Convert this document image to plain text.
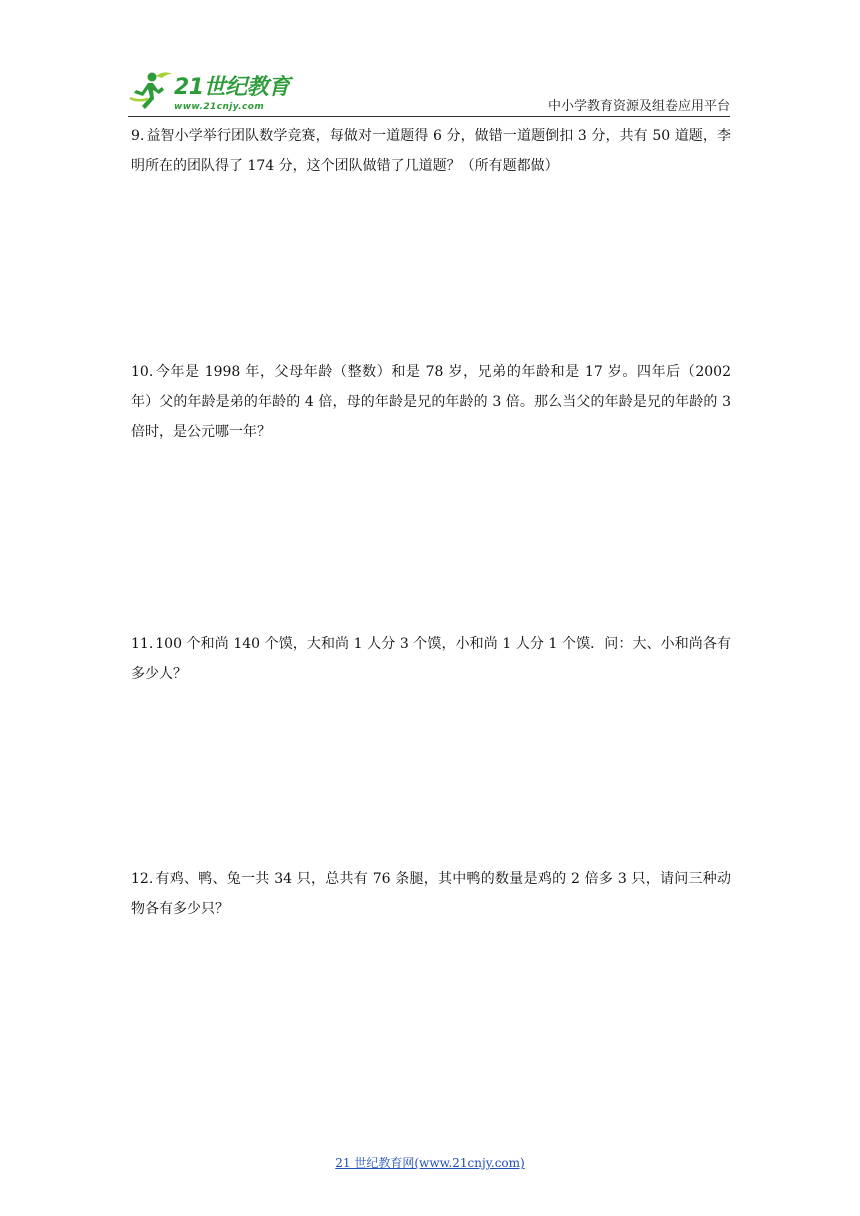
21世纪教育
www.21cnjy.com	中小学教育资源及组卷应用平台
9. 益智小学举行团队数学竞赛，每做对一道题得 6 分，做错一道题倒扣 3 分，共有 50 道题，李明所在的团队得了 174 分，这个团队做错了几道题？（所有题都做）
10. 今年是 1998 年，父母年龄（整数）和是 78 岁，兄弟的年龄和是 17 岁。四年后（2002 年）父的年龄是弟的年龄的 4 倍，母的年龄是兄的年龄的 3 倍。那么当父的年龄是兄的年龄的 3 倍时，是公元哪一年？
11. 100 个和尚 140 个馍，大和尚 1 人分 3 个馍，小和尚 1 人分 1 个馍．问：大、小和尚各有多少人？
12. 有鸡、鸭、兔一共 34 只，总共有 76 条腿，其中鸭的数量是鸡的 2 倍多 3 只，请问三种动物各有多少只？
21 世纪教育网(www.21cnjy.com)
